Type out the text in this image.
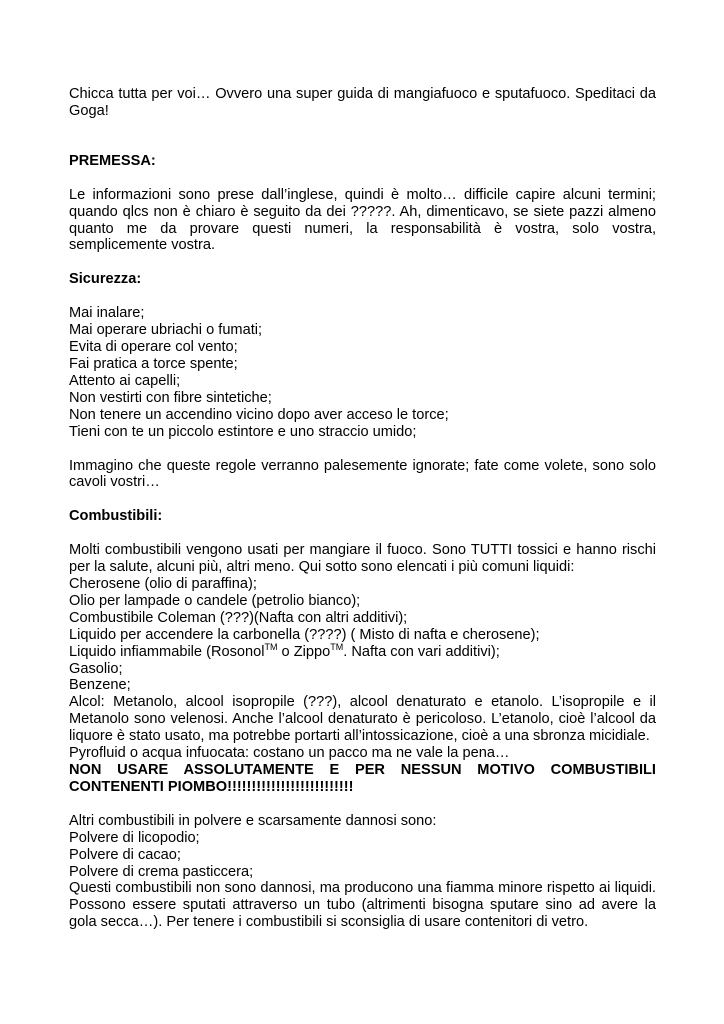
Chicca tutta per voi… Ovvero una super guida di mangiafuoco e sputafuoco. Speditaci da Goga!

PREMESSA:

Le informazioni sono prese dall’inglese, quindi è molto… difficile capire alcuni termini; quando qlcs non è chiaro è seguito da dei ?????. Ah, dimenticavo, se siete pazzi almeno quanto me da provare questi numeri, la responsabilità è vostra, solo vostra, semplicemente vostra.

Sicurezza:

Mai inalare;
Mai operare ubriachi o fumati;
Evita di operare col vento;
Fai pratica a torce spente;
Attento ai capelli;
Non vestirti con fibre sintetiche;
Non tenere un accendino vicino dopo aver acceso le torce;
Tieni con te un piccolo estintore e uno straccio umido;

Immagino che queste regole verranno palesemente ignorate; fate come volete, sono solo cavoli vostri…

Combustibili:

Molti combustibili vengono usati per mangiare il fuoco. Sono TUTTI tossici e hanno rischi per la salute, alcuni più, altri meno. Qui sotto sono elencati i più comuni liquidi:

Cherosene (olio di paraffina);
Olio per lampade o candele (petrolio bianco);
Combustibile Coleman (???)(Nafta con altri additivi);
Liquido per accendere la carbonella (????) ( Misto di nafta e cherosene);
Liquido infiammabile (Rosonol™ o Zippo™. Nafta con vari additivi);
Gasolio;
Benzene;

Alcol: Metanolo, alcool isopropile (???), alcool denaturato e etanolo. L’isopropile e il Metanolo sono velenosi. Anche l’alcool denaturato è pericoloso. L’etanolo, cioè l’alcool da liquore è stato usato, ma potrebbe portarti all’intossicazione, cioè a una sbronza micidiale.

Pyrofluid o acqua infuocata: costano un pacco ma ne vale la pena…

NON USARE ASSOLUTAMENTE E PER NESSUN MOTIVO COMBUSTIBILI CONTENENTI PIOMBO!!!!!!!!!!!!!!!!!!!!!!!!!!

Altri combustibili in polvere e scarsamente dannosi sono:

Polvere di licopodio;
Polvere di cacao;
Polvere di crema pasticcera;

Questi combustibili non sono dannosi, ma producono una fiamma minore rispetto ai liquidi. Possono essere sputati attraverso un tubo (altrimenti bisogna sputare sino ad avere la gola secca…). Per tenere i combustibili si sconsiglia di usare contenitori di vetro.
